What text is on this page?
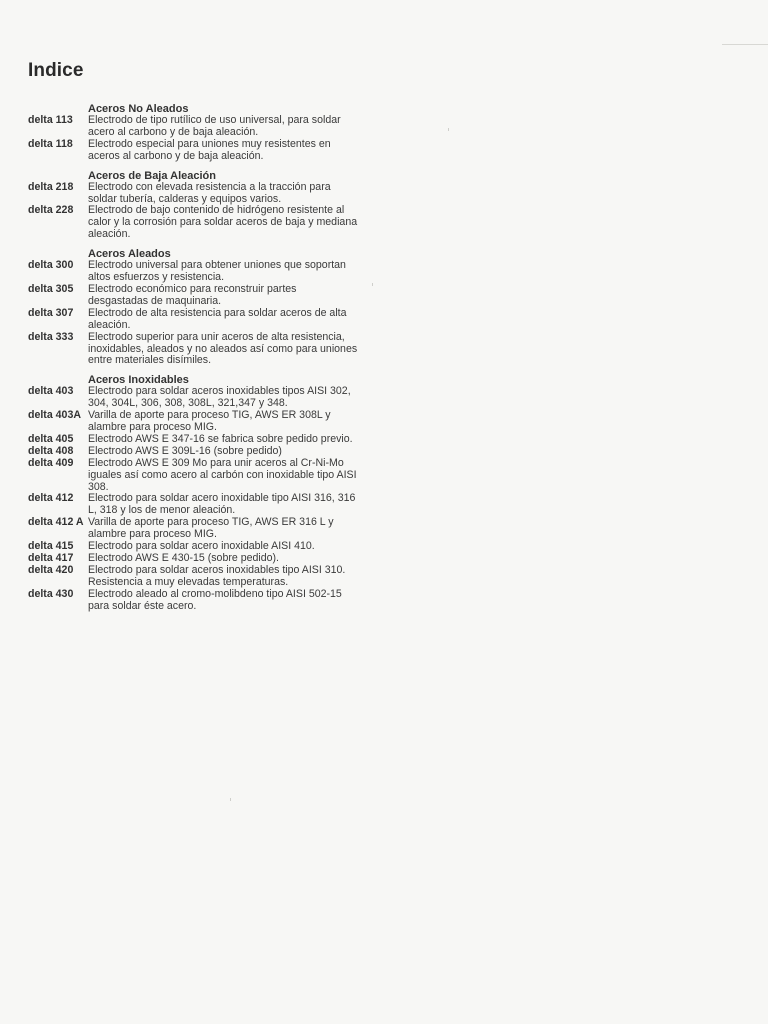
Indice
Aceros No Aleados
delta 113 Electrodo de tipo rutílico de uso universal, para soldar acero al carbono y de baja aleación.
delta 118 Electrodo especial para uniones muy resistentes en aceros al carbono y de baja aleación.
Aceros de Baja Aleación
delta 218 Electrodo con elevada resistencia a la tracción para soldar tubería, calderas y equipos varios.
delta 228 Electrodo de bajo contenido de hidrógeno resistente al calor y la corrosión para soldar aceros de baja y mediana aleación.
Aceros Aleados
delta 300 Electrodo universal para obtener uniones que soportan altos esfuerzos y resistencia.
delta 305 Electrodo económico para reconstruir partes desgastadas de maquinaria.
delta 307 Electrodo de alta resistencia para soldar aceros de alta aleación.
delta 333 Electrodo superior para unir aceros de alta resistencia, inoxidables, aleados y no aleados así como para uniones entre materiales disímiles.
Aceros Inoxidables
delta 403 Electrodo para soldar aceros inoxidables tipos AISI 302, 304, 304L, 306, 308, 308L, 321,347 y 348.
delta 403A Varilla de aporte para proceso TIG, AWS ER 308L y alambre para proceso MIG.
delta 405 Electrodo AWS E 347-16 se fabrica sobre pedido previo.
delta 408 Electrodo AWS E 309L-16 (sobre pedido)
delta 409 Electrodo AWS E 309 Mo para unir aceros al Cr-Ni-Mo iguales así como acero al carbón con inoxidable tipo AISI 308.
delta 412 Electrodo para soldar acero inoxidable tipo AISI 316, 316 L, 318 y los de menor aleación.
delta 412 A Varilla de aporte para proceso TIG, AWS ER 316 L y alambre para proceso MIG.
delta 415 Electrodo para soldar acero inoxidable AISI 410.
delta 417 Electrodo AWS E 430-15 (sobre pedido).
delta 420 Electrodo para soldar aceros inoxidables tipo AISI 310. Resistencia a muy elevadas temperaturas.
delta 430 Electrodo aleado al cromo-molibdeno tipo AISI 502-15 para soldar éste acero.
